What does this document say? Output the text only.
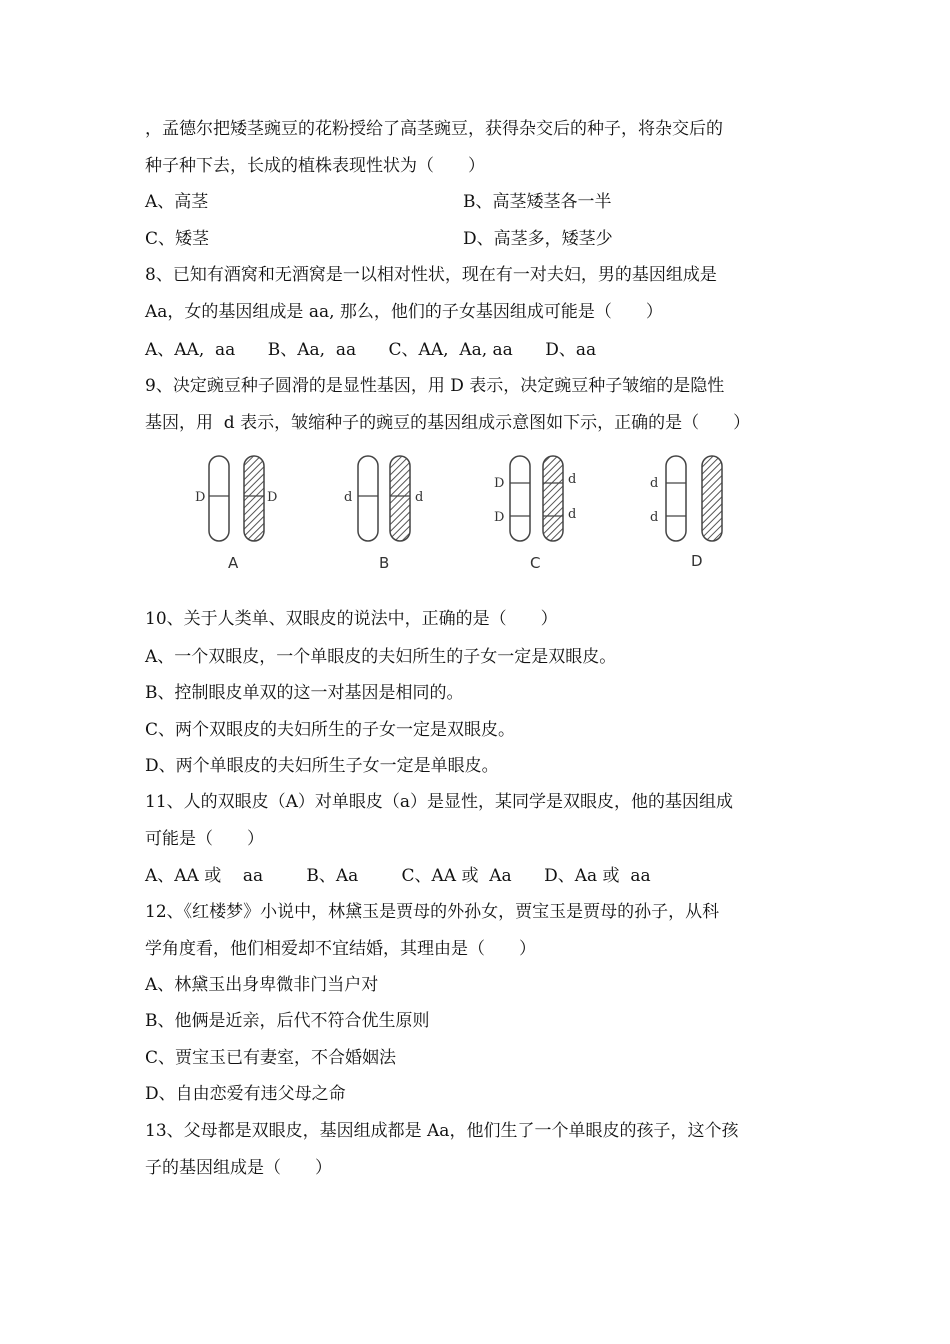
，孟德尔把矮茎豌豆的花粉授给了高茎豌豆，获得杂交后的种子，将杂交后的
种子种下去，长成的植株表现性状为（　　）
A、高茎	B、高茎矮茎各一半
C、矮茎	D、高茎多，矮茎少
8、已知有酒窝和无酒窝是一以相对性状，现在有一对夫妇，男的基因组成是
Aa，女的基因组成是 aa, 那么，他们的子女基因组成可能是（　　）
A、AA,  aa      B、Aa,  aa      C、AA,  Aa, aa      D、aa
9、决定豌豆种子圆滑的是显性基因，用 D 表示，决定豌豆种子皱缩的是隐性
基因，用  d 表示，皱缩种子的豌豆的基因组成示意图如下示，正确的是（　　）
D	D
A
d	d
B
D
D
d
d
C
d
d
D
10、关于人类单、双眼皮的说法中，正确的是（　　）
A、一个双眼皮，一个单眼皮的夫妇所生的子女一定是双眼皮。
B、控制眼皮单双的这一对基因是相同的。
C、两个双眼皮的夫妇所生的子女一定是双眼皮。
D、两个单眼皮的夫妇所生子女一定是单眼皮。
11、人的双眼皮（A）对单眼皮（a）是显性，某同学是双眼皮，他的基因组成
可能是（　　）
A、AA 或    aa        B、Aa        C、AA 或  Aa      D、Aa 或  aa
12、《红楼梦》小说中，林黛玉是贾母的外孙女，贾宝玉是贾母的孙子，从科
学角度看，他们相爱却不宜结婚，其理由是（　　）
A、林黛玉出身卑微非门当户对
B、他俩是近亲，后代不符合优生原则
C、贾宝玉已有妻室，不合婚姻法
D、自由恋爱有违父母之命
13、父母都是双眼皮，基因组成都是 Aa，他们生了一个单眼皮的孩子，这个孩
子的基因组成是（　　）
